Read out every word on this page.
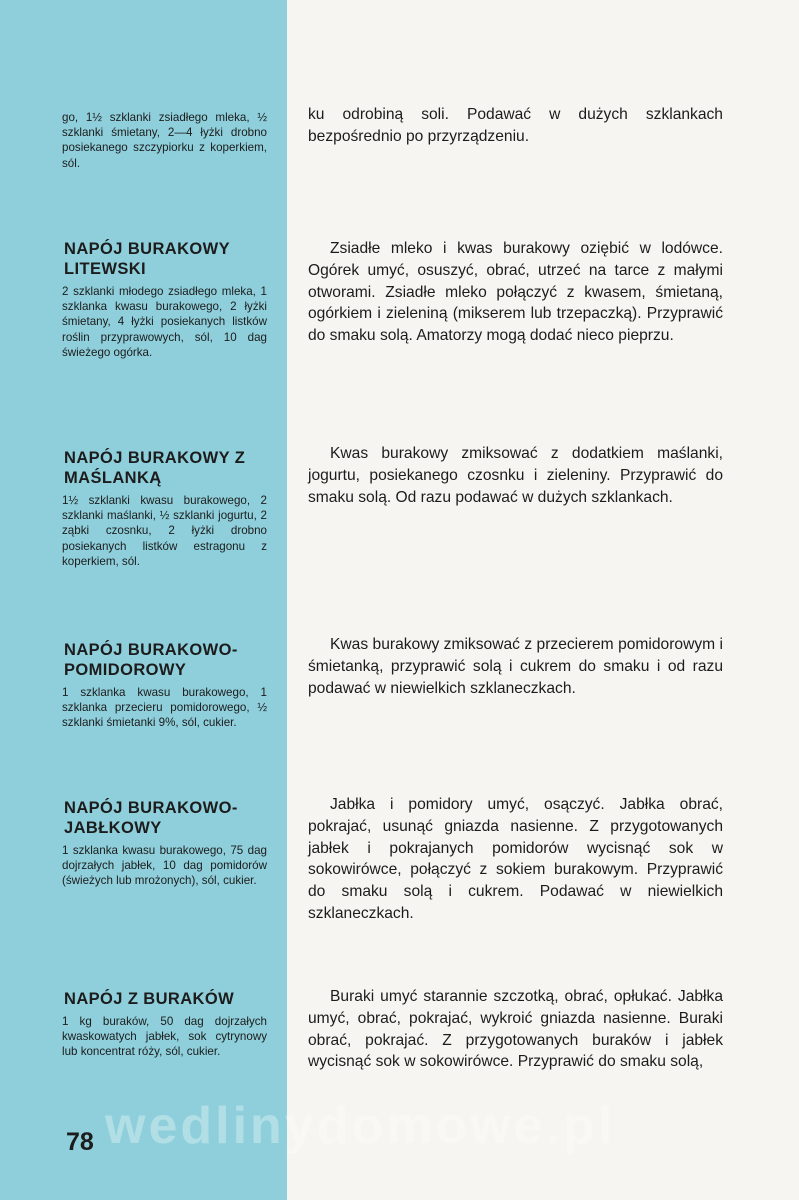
go, 1½ szklanki zsiadłego mleka, ½ szklanki śmietany, 2—4 łyżki drobno posiekanego szczypiorku z koperkiem, sól.

ku odrobiną soli. Podawać w dużych szklankach bezpośrednio po przyrządzeniu.

NAPÓJ BURAKOWY LITEWSKI

2 szklanki młodego zsiadłego mleka, 1 szklanka kwasu burakowego, 2 łyżki śmietany, 4 łyżki posiekanych listków roślin przyprawowych, sól, 10 dag świeżego ogórka.

Zsiadłe mleko i kwas burakowy oziębić w lodówce. Ogórek umyć, osuszyć, obrać, utrzeć na tarce z małymi otworami. Zsiadłe mleko połączyć z kwasem, śmietaną, ogórkiem i zieleniną (mikserem lub trzepaczką). Przyprawić do smaku solą. Amatorzy mogą dodać nieco pieprzu.

NAPÓJ BURAKOWY Z MAŚLANKĄ

1½ szklanki kwasu burakowego, 2 szklanki maślanki, ½ szklanki jogurtu, 2 ząbki czosnku, 2 łyżki drobno posiekanych listków estragonu z koperkiem, sól.

Kwas burakowy zmiksować z dodatkiem maślanki, jogurtu, posiekanego czosnku i zieleniny. Przyprawić do smaku solą. Od razu podawać w dużych szklankach.

NAPÓJ BURAKOWO-POMIDOROWY

1 szklanka kwasu burakowego, 1 szklanka przecieru pomidorowego, ½ szklanki śmietanki 9%, sól, cukier.

Kwas burakowy zmiksować z przecierem pomidorowym i śmietanką, przyprawić solą i cukrem do smaku i od razu podawać w niewielkich szklaneczkach.

NAPÓJ BURAKOWO-JABŁKOWY

1 szklanka kwasu burakowego, 75 dag dojrzałych jabłek, 10 dag pomidorów (świeżych lub mrożonych), sól, cukier.

Jabłka i pomidory umyć, osączyć. Jabłka obrać, pokrajać, usunąć gniazda nasienne. Z przygotowanych jabłek i pokrajanych pomidorów wycisnąć sok w sokowirówce, połączyć z sokiem burakowym. Przyprawić do smaku solą i cukrem. Podawać w niewielkich szklaneczkach.

NAPÓJ Z BURAKÓW

1 kg buraków, 50 dag dojrzałych kwaskowatych jabłek, sok cytrynowy lub koncentrat róży, sól, cukier.

Buraki umyć starannie szczotką, obrać, opłukać. Jabłka umyć, obrać, pokrajać, wykroić gniazda nasienne. Buraki obrać, pokrajać. Z przygotowanych buraków i jabłek wycisnąć sok w sokowirówce. Przyprawić do smaku solą,

wedlinydomowe.pl

78
